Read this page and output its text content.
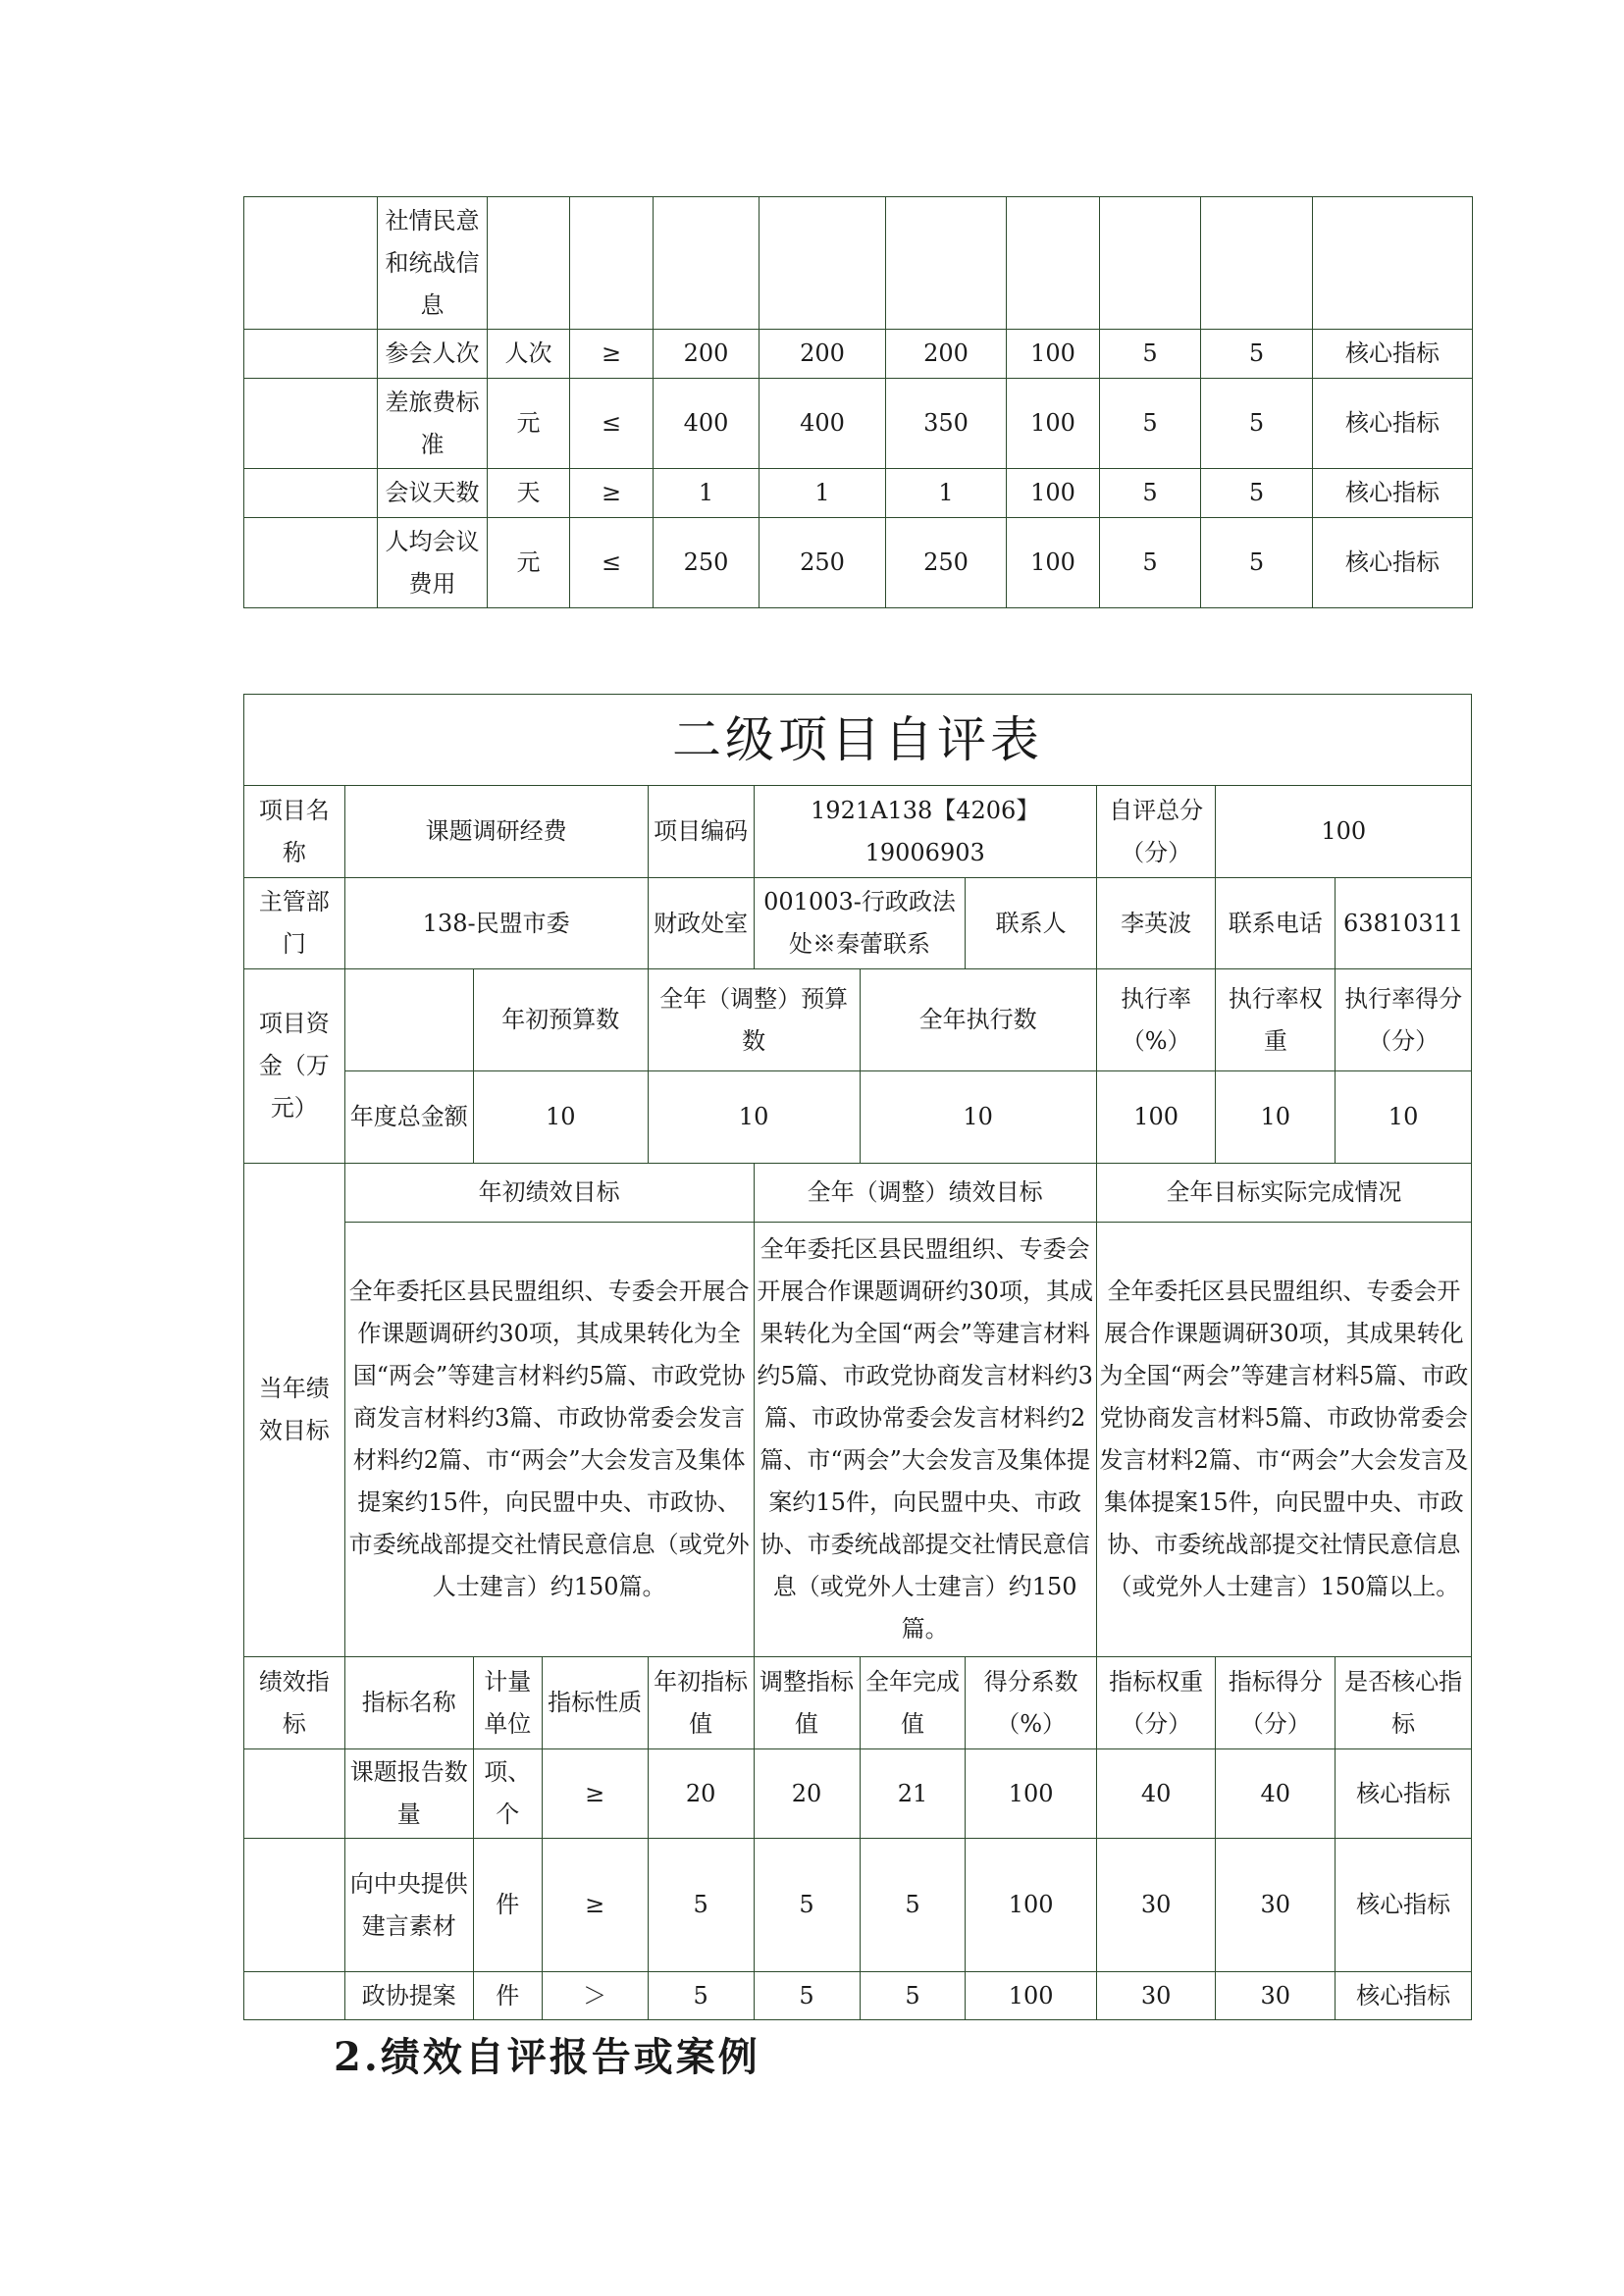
	社情民意和统战信息									
	参会人次	人次	≥	200	200	200	100	5	5	核心指标
	差旅费标准	元	≤	400	400	350	100	5	5	核心指标
	会议天数	天	≥	1	1	1	100	5	5	核心指标
	人均会议费用	元	≤	250	250	250	100	5	5	核心指标
二级项目自评表										
项目名称	课题调研经费			项目编码	1921A138【4206】19006903			自评总分（分）	100	
主管部门	138-民盟市委			财政处室	001003-行政政法处※秦蕾联系		联系人	李英波	联系电话	63810311
项目资金（万元）		年初预算数		全年（调整）预算数		全年执行数		执行率（%）	执行率权重	执行率得分（分）
	年度总金额	10		10		10		100	10	10
当年绩效目标	年初绩效目标				全年（调整）绩效目标			全年目标实际完成情况		
	全年委托区县民盟组织、专委会开展合作课题调研约30项，其成果转化为全国“两会”等建言材料约5篇、市政党协商发言材料约3篇、市政协常委会发言材料约2篇、市“两会”大会发言及集体提案约15件，向民盟中央、市政协、市委统战部提交社情民意信息（或党外人士建言）约150篇。				全年委托区县民盟组织、专委会开展合作课题调研约30项，其成果转化为全国“两会”等建言材料约5篇、市政党协商发言材料约3篇、市政协常委会发言材料约2篇、市“两会”大会发言及集体提案约15件，向民盟中央、市政协、市委统战部提交社情民意信息（或党外人士建言）约150篇。			全年委托区县民盟组织、专委会开展合作课题调研30项，其成果转化为全国“两会”等建言材料5篇、市政党协商发言材料5篇、市政协常委会发言材料2篇、市“两会”大会发言及集体提案15件，向民盟中央、市政协、市委统战部提交社情民意信息（或党外人士建言）150篇以上。		
绩效指标	指标名称	计量单位	指标性质	年初指标值	调整指标值	全年完成值	得分系数（%）	指标权重（分）	指标得分（分）	是否核心指标
	课题报告数量	项、个	≥	20	20	21	100	40	40	核心指标
	向中央提供建言素材	件	≥	5	5	5	100	30	30	核心指标
	政协提案	件	＞	5	5	5	100	30	30	核心指标
2.绩效自评报告或案例
